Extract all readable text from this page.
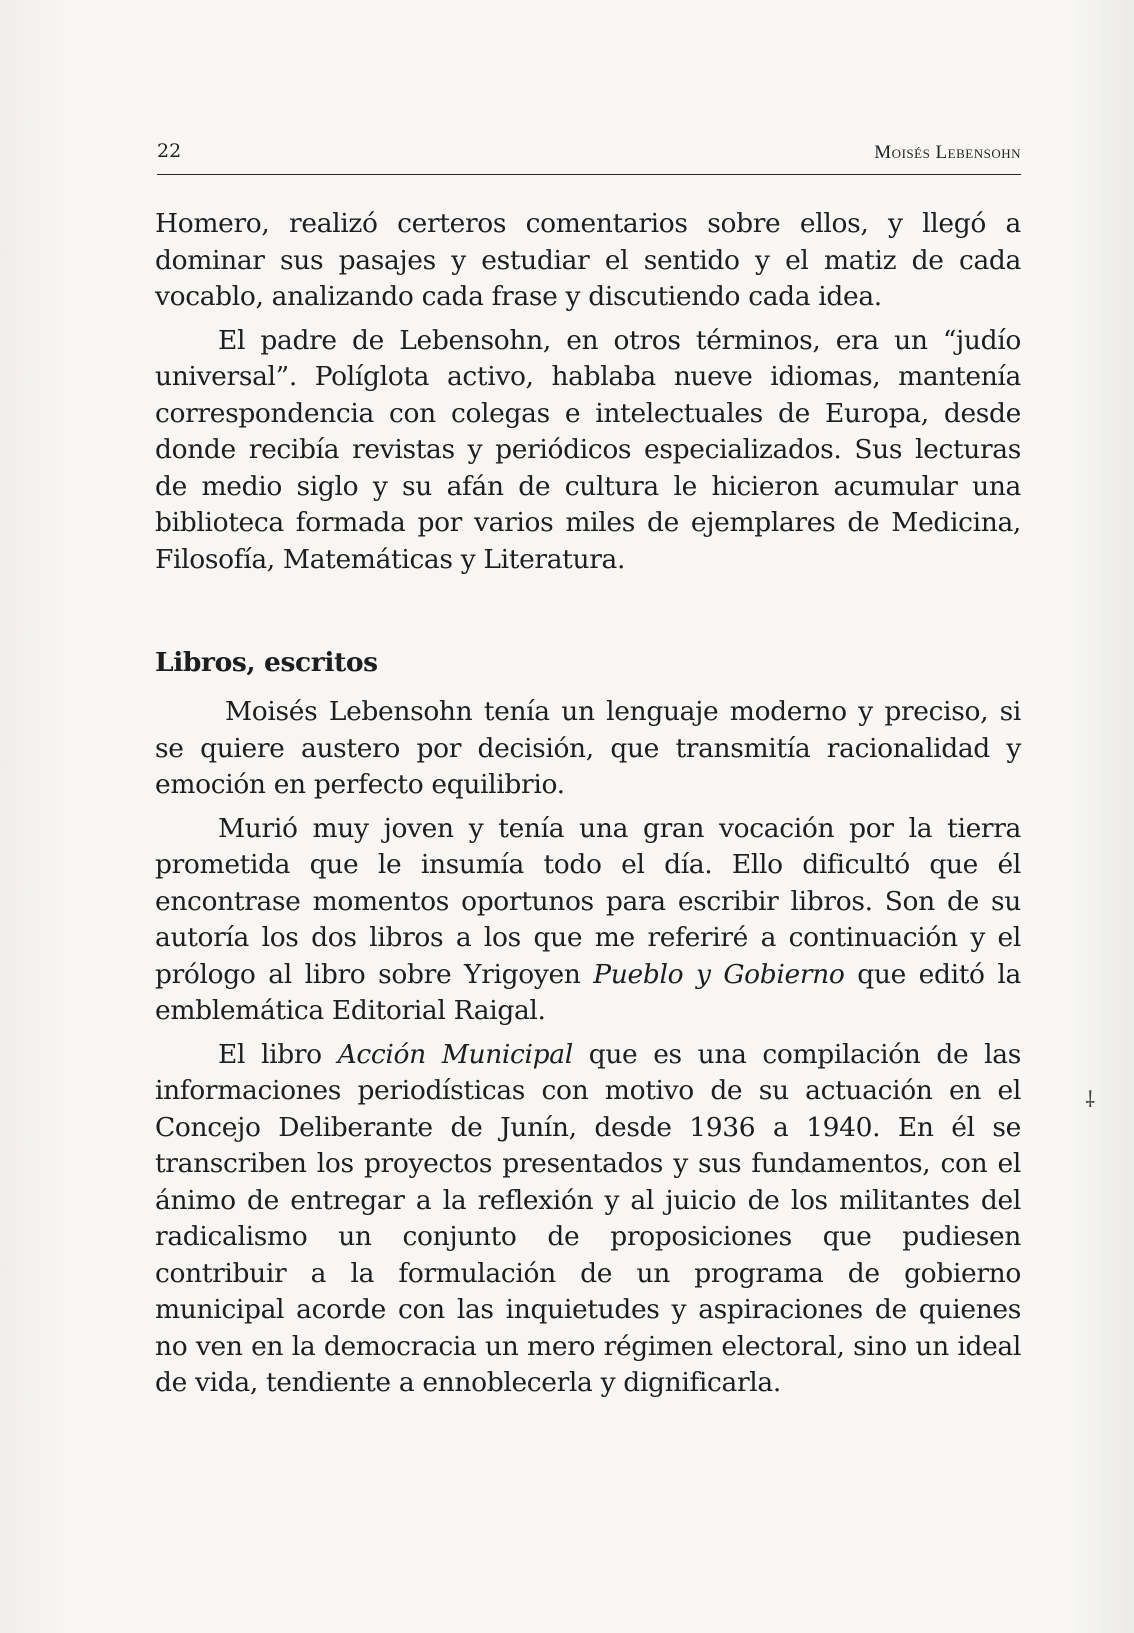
22	Moisés Lebensohn

Homero, realizó certeros comentarios sobre ellos, y llegó a dominar sus pasajes y estudiar el sentido y el matiz de cada vocablo, analizando cada frase y discutiendo cada idea.

El padre de Lebensohn, en otros términos, era un “judío universal”. Políglota activo, hablaba nueve idiomas, mantenía correspondencia con colegas e intelectuales de Europa, desde donde recibía revistas y periódicos especializados. Sus lecturas de medio siglo y su afán de cultura le hicieron acumular una biblioteca formada por varios miles de ejemplares de Medicina, Filosofía, Matemáticas y Literatura.

Libros, escritos

Moisés Lebensohn tenía un lenguaje moderno y preciso, si se quiere austero por decisión, que transmitía racionalidad y emoción en perfecto equilibrio.

Murió muy joven y tenía una gran vocación por la tierra prometida que le insumía todo el día. Ello dificultó que él encontrase momentos oportunos para escribir libros. Son de su autoría los dos libros a los que me referiré a continuación y el prólogo al libro sobre Yrigoyen Pueblo y Gobierno que editó la emblemática Editorial Raigal.

El libro Acción Municipal que es una compilación de las informaciones periodísticas con motivo de su actuación en el Concejo Deliberante de Junín, desde 1936 a 1940. En él se transcriben los proyectos presentados y sus fundamentos, con el ánimo de entregar a la reflexión y al juicio de los militantes del radicalismo un conjunto de proposiciones que pudiesen contribuir a la formulación de un programa de gobierno municipal acorde con las inquietudes y aspiraciones de quienes no ven en la democracia un mero régimen electoral, sino un ideal de vida, tendiente a ennoblecerla y dignificarla.

⸸
